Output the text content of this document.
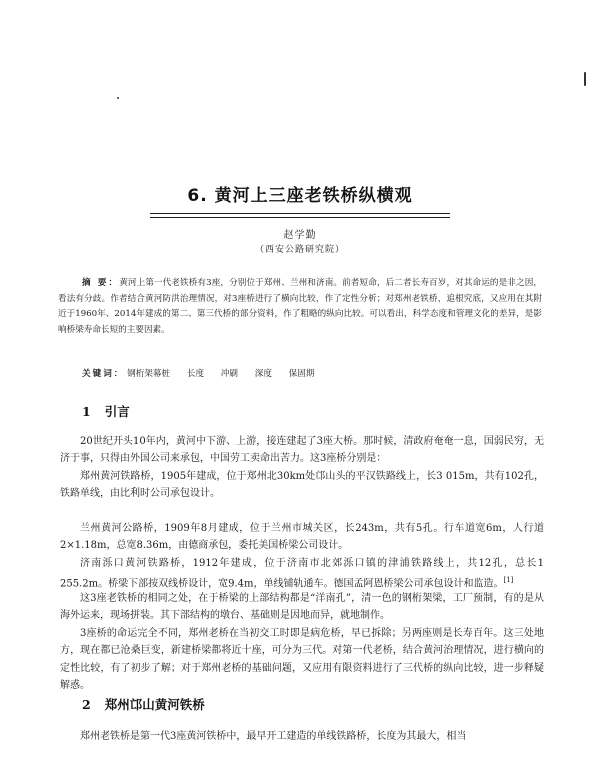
6. 黄河上三座老铁桥纵横观
赵学勤
（西安公路研究院）
摘 要：黄河上第一代老铁桥有3座，分别位于郑州、兰州和济南。前者短命，后二者长寿百岁，对其命运的是非之因，看法有分歧。作者结合黄河防洪治理情况，对3座桥进行了横向比较，作了定性分析；对郑州老铁桥，追根究底，又应用在其附近于1960年、2014年建成的第二、第三代桥的部分资料，作了粗略的纵向比较。可以看出，科学态度和管理文化的差异，是影响桥梁寿命长短的主要因素。
关键词： 钢桁架幕桩 长度 冲刷 深度 保固期
1 引言
20世纪开头10年内，黄河中下游、上游，接连建起了3座大桥。那时候，清政府奄奄一息，国弱民穷，无济于事，只得由外国公司来承包，中国劳工卖命出苦力。这3座桥分别是：
郑州黄河铁路桥，1905年建成，位于郑州北30km处邙山头的平汉铁路线上，长3 015m，共有102孔，铁路单线，由比利时公司承包设计。
兰州黄河公路桥，1909年8月建成，位于兰州市城关区，长243m，共有5孔。行车道宽6m，人行道2×1.18m，总宽8.36m，由德商承包，委托美国桥梁公司设计。
济南泺口黄河铁路桥，1912年建成，位于济南市北郊泺口镇的津浦铁路线上，共12孔，总长1 255.2m。桥梁下部按双线桥设计，宽9.4m，单线铺轨通车。德国孟阿恩桥梁公司承包设计和监造。[1]
这3座老铁桥的相同之处，在于桥梁的上部结构都是“洋南孔”，清一色的钢桁架梁，工厂预制，有的是从海外运来，现场拼装。其下部结构的墩台、基础则是因地而异，就地制作。
3座桥的命运完全不同，郑州老桥在当初交工时即是病危桥，早已拆除；另两座则是长寿百年。这三处地方，现在都已沧桑巨变，新建桥梁都将近十座，可分为三代。对第一代老桥，结合黄河治理情况，进行横向的定性比较，有了初步了解；对于郑州老桥的基础问题，又应用有限资料进行了三代桥的纵向比较，进一步释疑解惑。
2 郑州邙山黄河铁桥
郑州老铁桥是第一代3座黄河铁桥中，最早开工建造的单线铁路桥，长度为其最大，相当
